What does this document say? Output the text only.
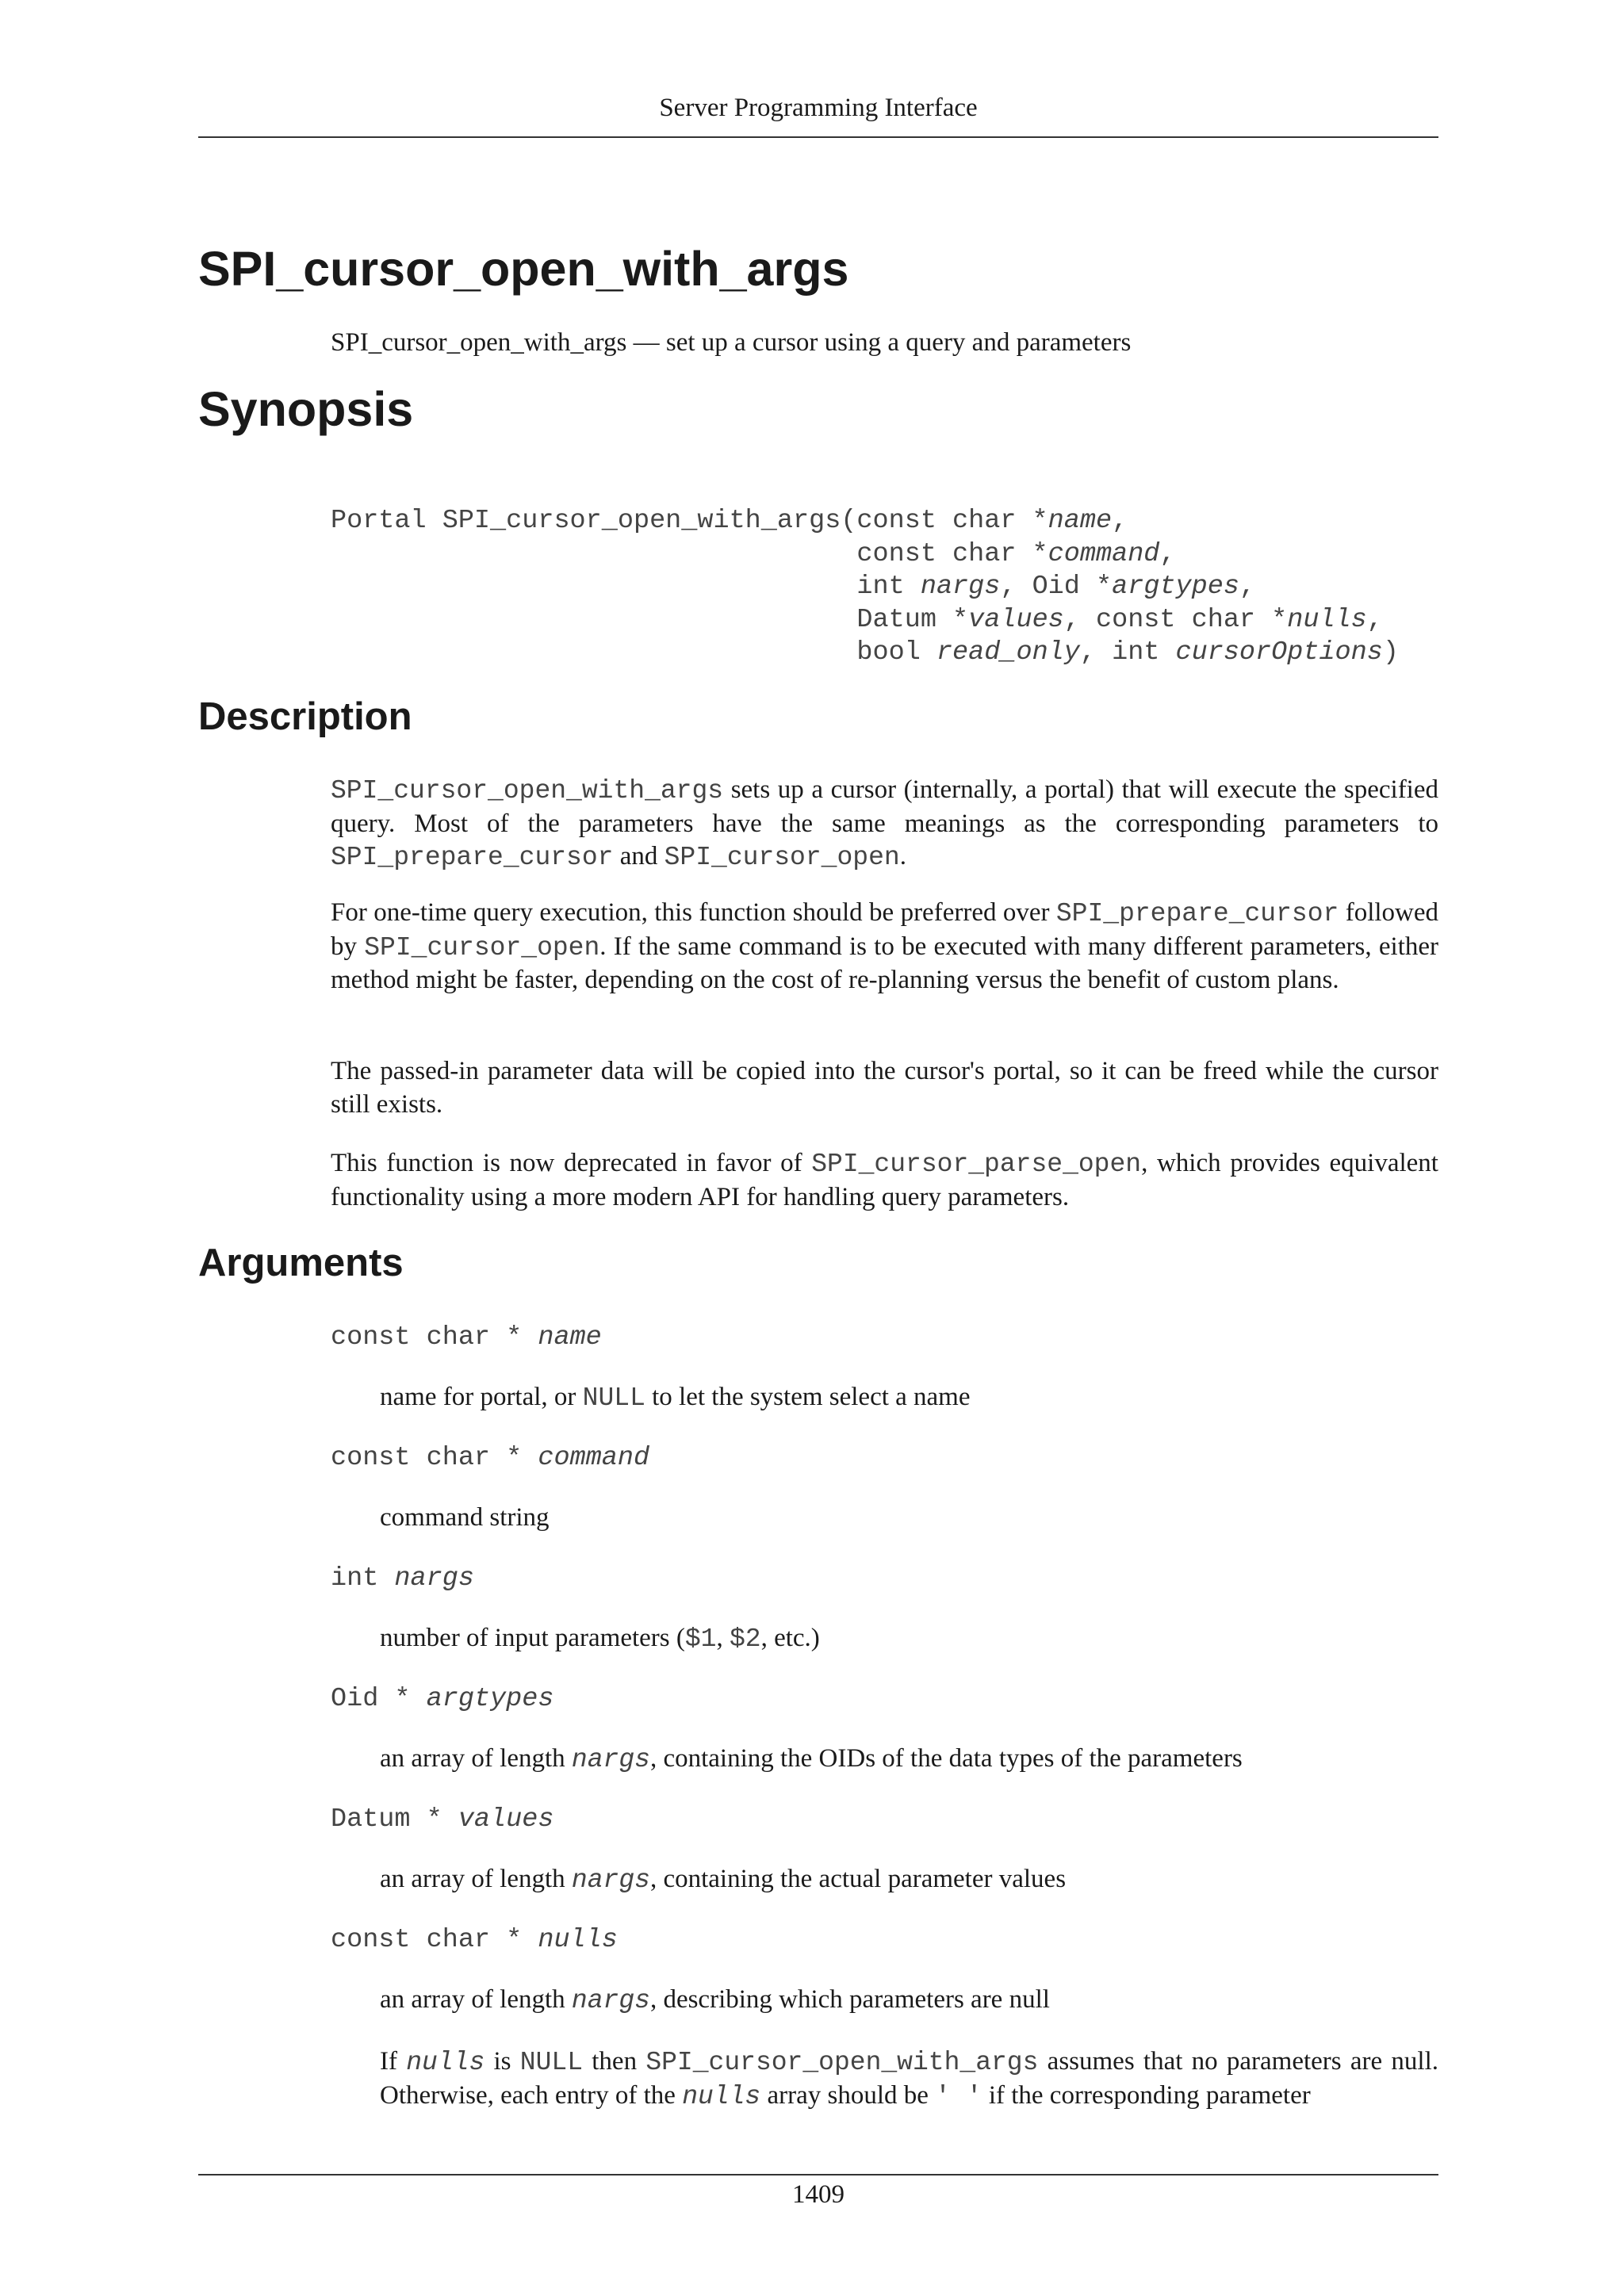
Server Programming Interface
SPI_cursor_open_with_args
SPI_cursor_open_with_args — set up a cursor using a query and parameters
Synopsis
Portal SPI_cursor_open_with_args(const char *name,
const char *command,
int nargs, Oid *argtypes,
Datum *values, const char *nulls,
bool read_only, int cursorOptions)
Description

SPI_cursor_open_with_args sets up a cursor (internally, a portal) that will execute the specified query. Most of the parameters have the same meanings as the corresponding parameters to SPI_prepare_cursor and SPI_cursor_open.

For one-time query execution, this function should be preferred over SPI_prepare_cursor followed by SPI_cursor_open. If the same command is to be executed with many different parameters, either method might be faster, depending on the cost of re-planning versus the benefit of custom plans.

The passed-in parameter data will be copied into the cursor's portal, so it can be freed while the cursor still exists.

This function is now deprecated in favor of SPI_cursor_parse_open, which provides equivalent functionality using a more modern API for handling query parameters.

Arguments
const char * name

name for portal, or NULL to let the system select a name

const char * command

command string

int nargs

number of input parameters ($1, $2, etc.)

Oid * argtypes

an array of length nargs, containing the OIDs of the data types of the parameters

Datum * values

an array of length nargs, containing the actual parameter values

const char * nulls

an array of length nargs, describing which parameters are null

If nulls is NULL then SPI_cursor_open_with_args assumes that no parameters are null. Otherwise, each entry of the nulls array should be ' ' if the corresponding parameter

1409
